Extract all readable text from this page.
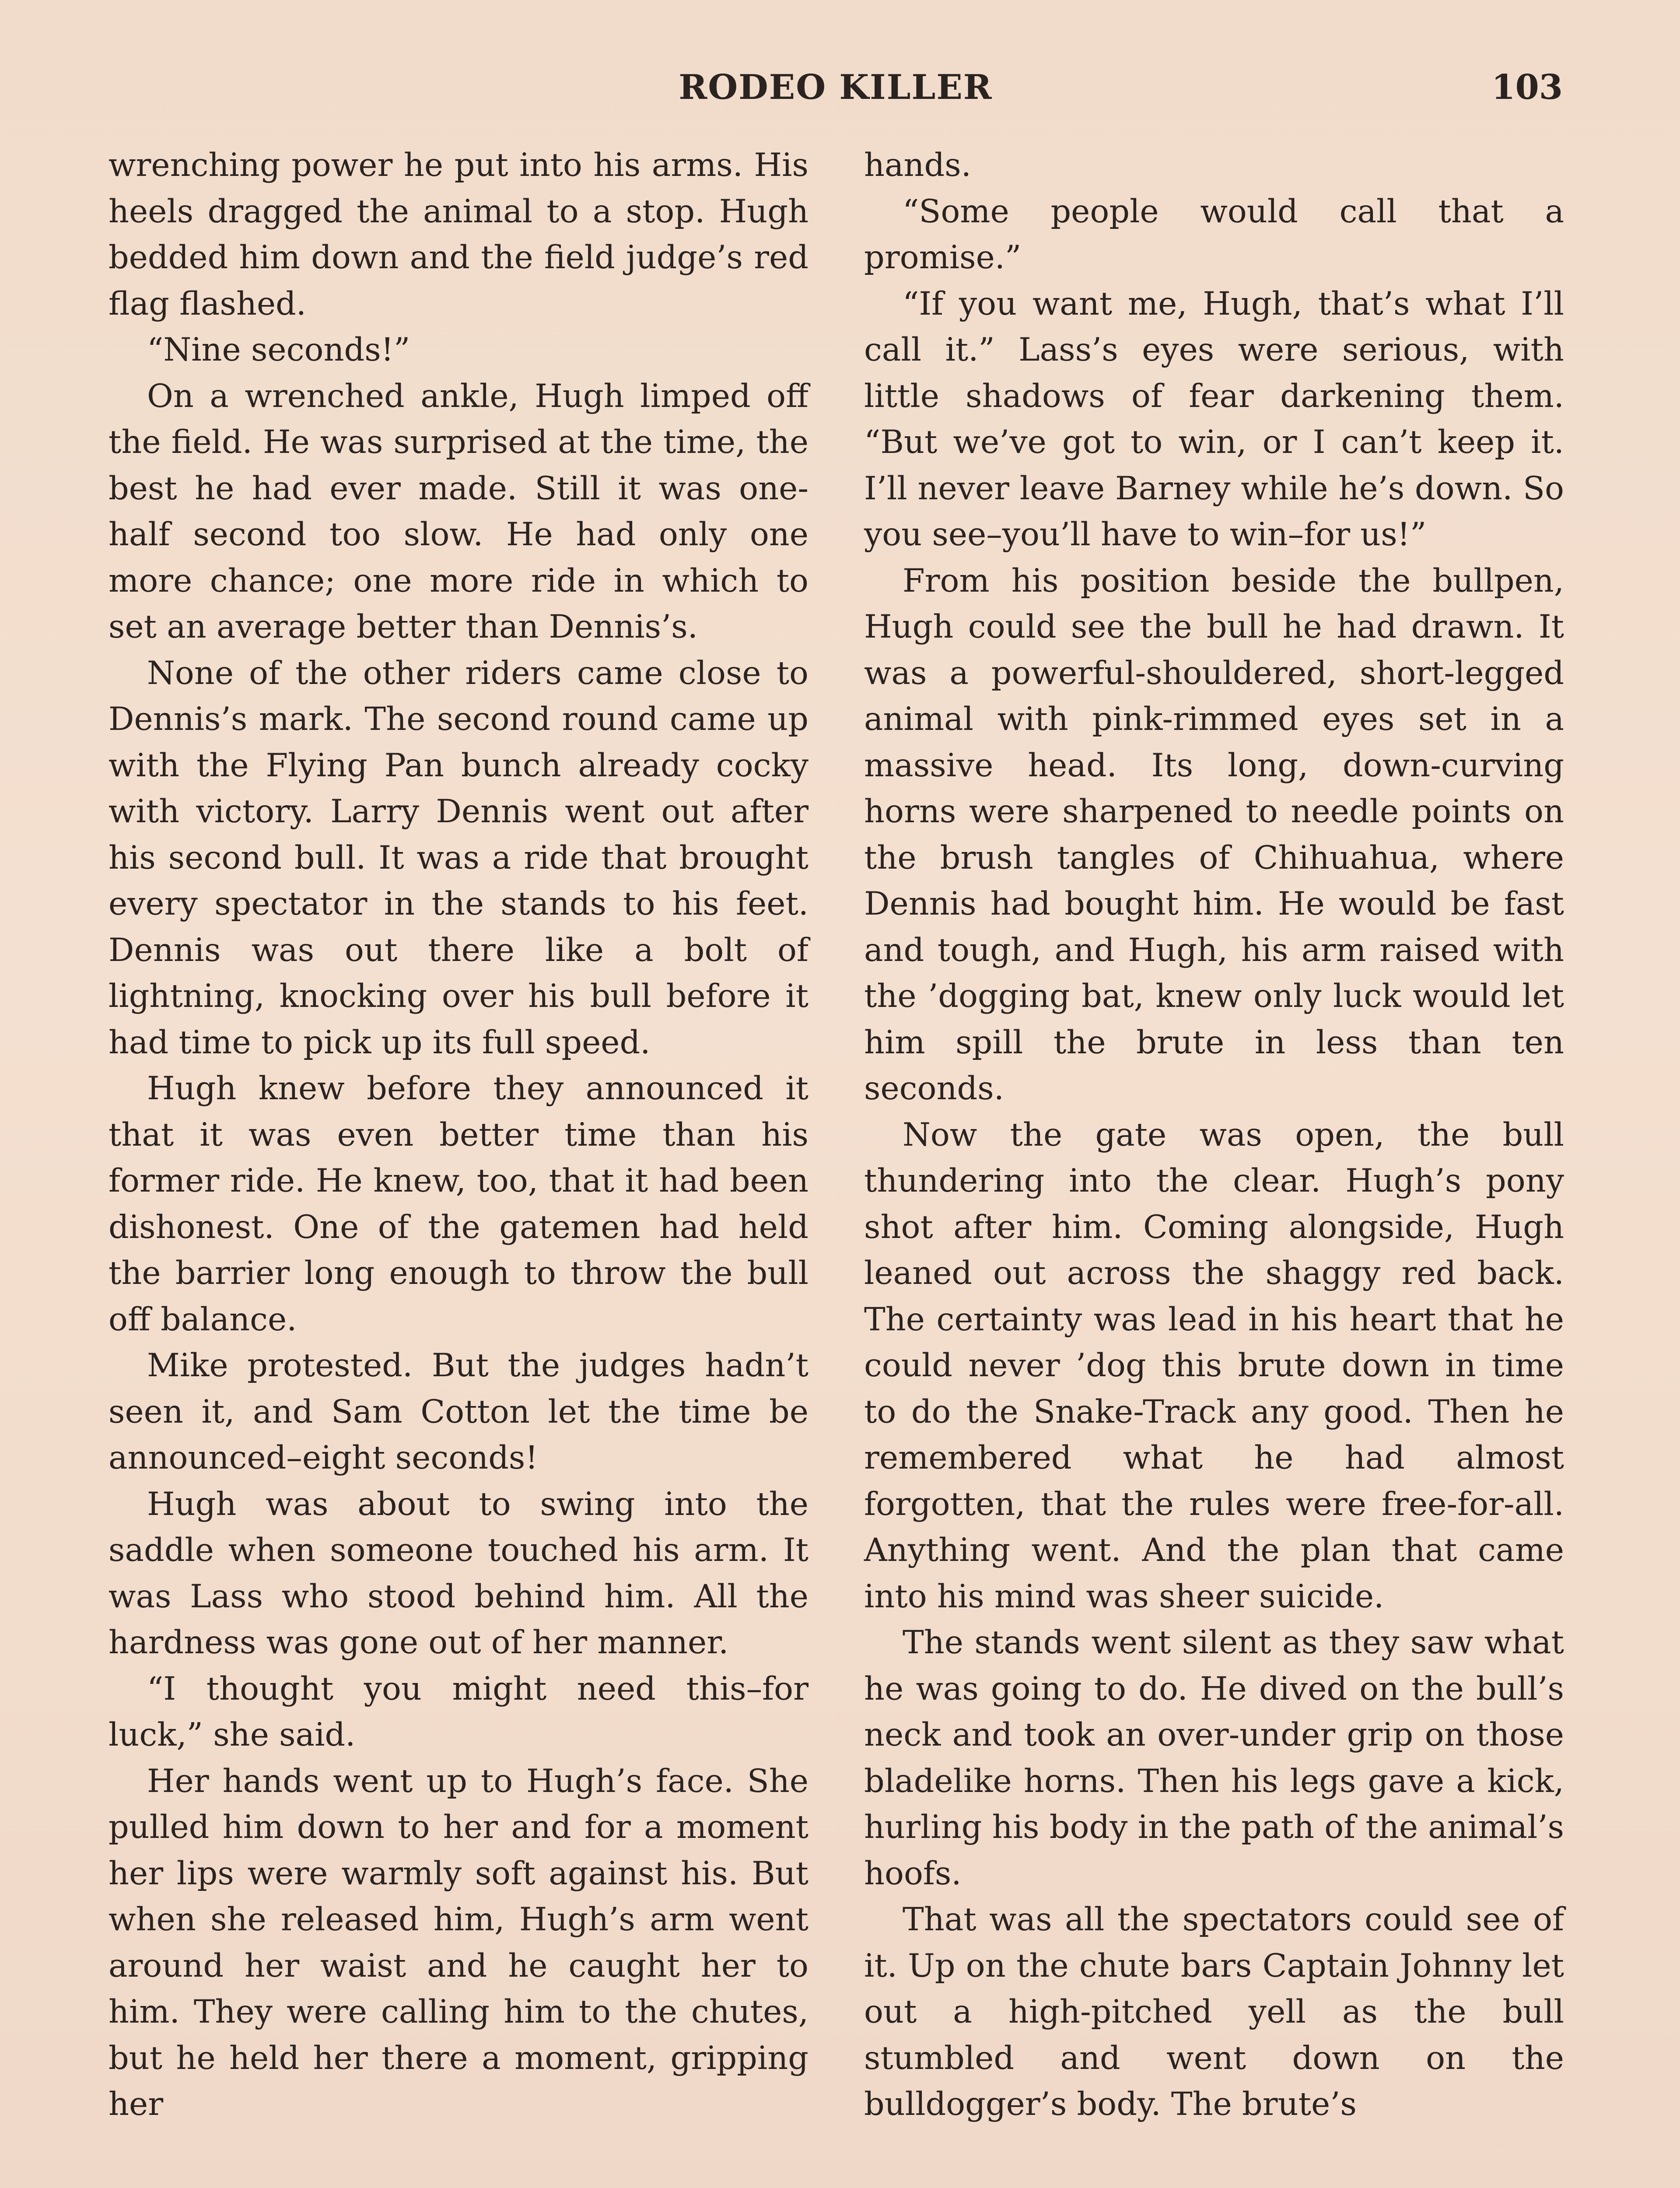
RODEO KILLER	103

wrenching power he put into his arms. His heels dragged the animal to a stop. Hugh bedded him down and the field judge’s red flag flashed.

“Nine seconds!”

On a wrenched ankle, Hugh limped off the field. He was surprised at the time, the best he had ever made. Still it was one-half second too slow. He had only one more chance; one more ride in which to set an average better than Dennis’s.

None of the other riders came close to Dennis’s mark. The second round came up with the Flying Pan bunch already cocky with victory. Larry Dennis went out after his second bull. It was a ride that brought every spectator in the stands to his feet. Dennis was out there like a bolt of lightning, knocking over his bull before it had time to pick up its full speed.

Hugh knew before they announced it that it was even better time than his former ride. He knew, too, that it had been dishonest. One of the gatemen had held the barrier long enough to throw the bull off balance.

Mike protested. But the judges hadn’t seen it, and Sam Cotton let the time be announced–eight seconds!

Hugh was about to swing into the saddle when someone touched his arm. It was Lass who stood behind him. All the hardness was gone out of her manner.

“I thought you might need this–for luck,” she said.

Her hands went up to Hugh’s face. She pulled him down to her and for a moment her lips were warmly soft against his. But when she released him, Hugh’s arm went around her waist and he caught her to him. They were calling him to the chutes, but he held her there a moment, gripping her

hands.

“Some people would call that a promise.”

“If you want me, Hugh, that’s what I’ll call it.” Lass’s eyes were serious, with little shadows of fear darkening them. “But we’ve got to win, or I can’t keep it. I’ll never leave Barney while he’s down. So you see–you’ll have to win–for us!”

From his position beside the bullpen, Hugh could see the bull he had drawn. It was a powerful-shouldered, short-legged animal with pink-rimmed eyes set in a massive head. Its long, down-curving horns were sharpened to needle points on the brush tangles of Chihuahua, where Dennis had bought him. He would be fast and tough, and Hugh, his arm raised with the ’dogging bat, knew only luck would let him spill the brute in less than ten seconds.

Now the gate was open, the bull thundering into the clear. Hugh’s pony shot after him. Coming alongside, Hugh leaned out across the shaggy red back. The certainty was lead in his heart that he could never ’dog this brute down in time to do the Snake-Track any good. Then he remembered what he had almost forgotten, that the rules were free-for-all. Anything went. And the plan that came into his mind was sheer suicide.

The stands went silent as they saw what he was going to do. He dived on the bull’s neck and took an over-under grip on those bladelike horns. Then his legs gave a kick, hurling his body in the path of the animal’s hoofs.

That was all the spectators could see of it. Up on the chute bars Captain Johnny let out a high-pitched yell as the bull stumbled and went down on the bulldogger’s body. The brute’s
